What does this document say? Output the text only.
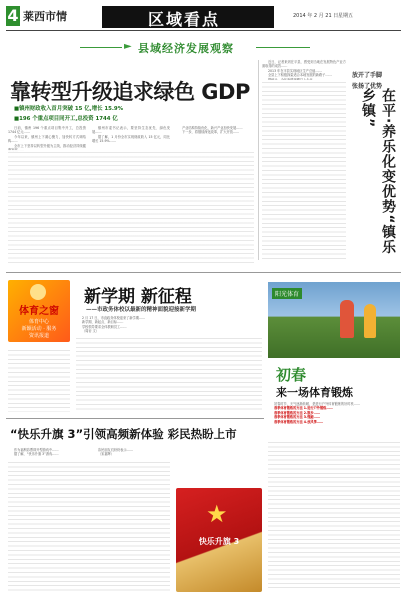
4 莱西市情	区域看点	2014 年 2 月 21 日 星期五
► 县域经济发展观察
靠转型升级追求绿色 GDP
■镇州财政收入首月突破 15 亿,增长 15.9%
■196 个重点项目同开工,总投资 1744 亿
日前，镇州 196 个重点项目集中开工，总投资 1744 亿元……
今年以来，镇州上下凝心聚力，加快转方式调结构……
全市上下坚持以转型升级为主线，推动经济持续健
镇州市委书记表示，要坚持生态优先、绿色发展……
据了解，1 月份全市实现财政收入 15 亿元，同比增长 15.9%……
产业结构持续优化，新兴产业加快发展……
下一步，将继续深化改革，扩大开放……
近日，记者来到在平县，感受到当地在发展特色产业方面取得的成效……
2013 年在平县实现地区生产总值……
全县上下积极探索适合本地发展的新路子……	放开了手脚
张扬了优势
在平·养乐化变优势“镇乐乡镇”
体育之窗
体育中心
新颖活动 · 服务
资讯报道
新学期 新征程
——市政务体校以最新的精神面貌迎接新学期
2 月 17 日，市直政务体校迎来了新学期……
新学期、新起点、新目标……
学校领导要求全体教职员工……
（周岩 文）
阳光体育
初春
来一场体育锻炼
初春时节，天气逐渐转暖，是进行户外体育锻炼的好时机……
春季体育锻炼的方法 1.进行户外锻炼……
春季体育锻炼的方法 2.散步……
春季体育锻炼的方法 3.慢跑……
春季体育锻炼的方法 4.放风筝……
“快乐升旗 3”引领高频新体验 彩民热盼上市
作为福利彩票即开型游戏中……
据了解，“快乐升旗 3”游戏……
彩民朋友们纷纷表示……
（宋嘉辉）
★
快乐升旗 3
